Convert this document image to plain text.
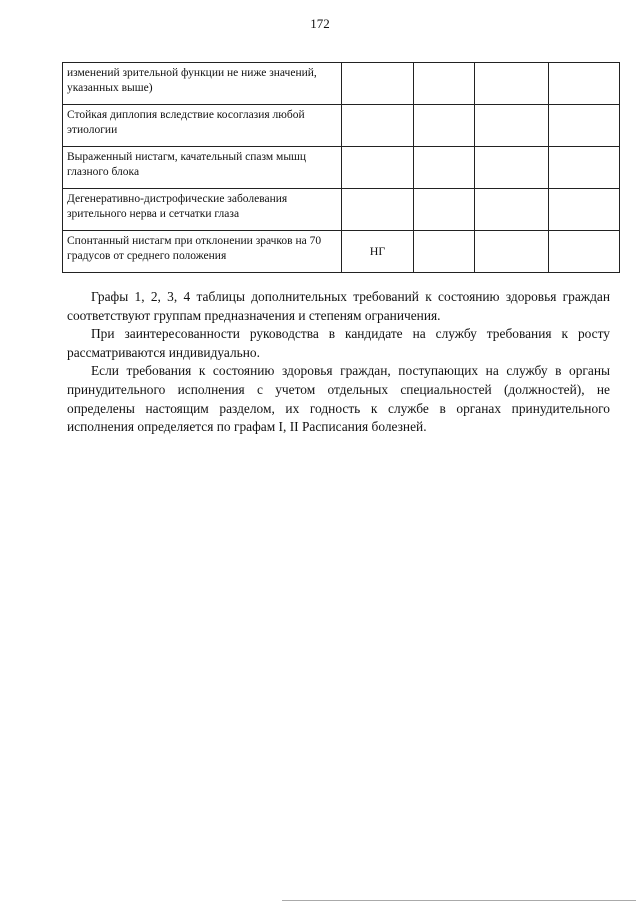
172
изменений зрительной функции не ниже значений, указанных выше)				
Стойкая диплопия вследствие косоглазия любой этиологии				
Выраженный нистагм, качательный спазм мышц глазного блока				
Дегенеративно-дистрофические заболевания зрительного нерва и сетчатки глаза				
Спонтанный нистагм при отклонении зрачков на 70 градусов от среднего положения	НГ			

Графы 1, 2, 3, 4 таблицы дополнительных требований к состоянию здоровья граждан соответствуют группам предназначения и степеням ограничения.

При заинтересованности руководства в кандидате на службу требования к росту рассматриваются индивидуально.

Если требования к состоянию здоровья граждан, поступающих на службу в органы принудительного исполнения с учетом отдельных специальностей (должностей), не определены настоящим разделом, их годность к службе в органах принудительного исполнения определяется по графам I, II Расписания болезней.
